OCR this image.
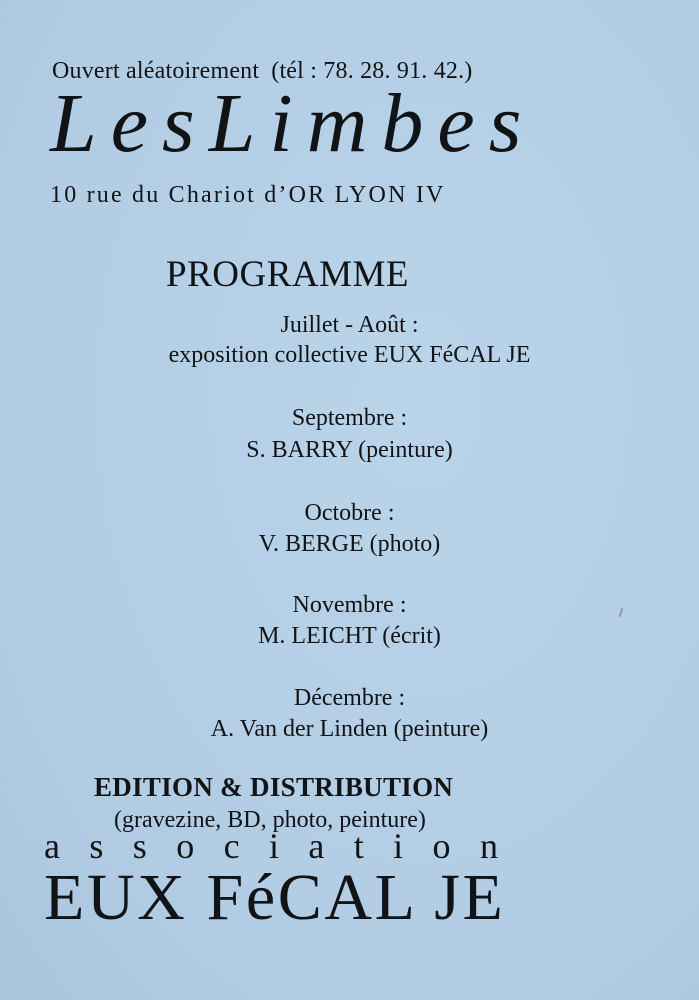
Ouvert aléatoirement (tél : 78. 28. 91. 42.)
LesLimbes
10 rue du Chariot d’OR LYON IV
PROGRAMME
Juillet - Août :
exposition collective EUX FéCAL JE
Septembre :
S. BARRY (peinture)
Octobre :
V. BERGE (photo)
Novembre :
M. LEICHT (écrit)
Décembre :
A. Van der Linden (peinture)
EDITION & DISTRIBUTION
(gravezine, BD, photo, peinture)
association
EUX FéCAL JE
